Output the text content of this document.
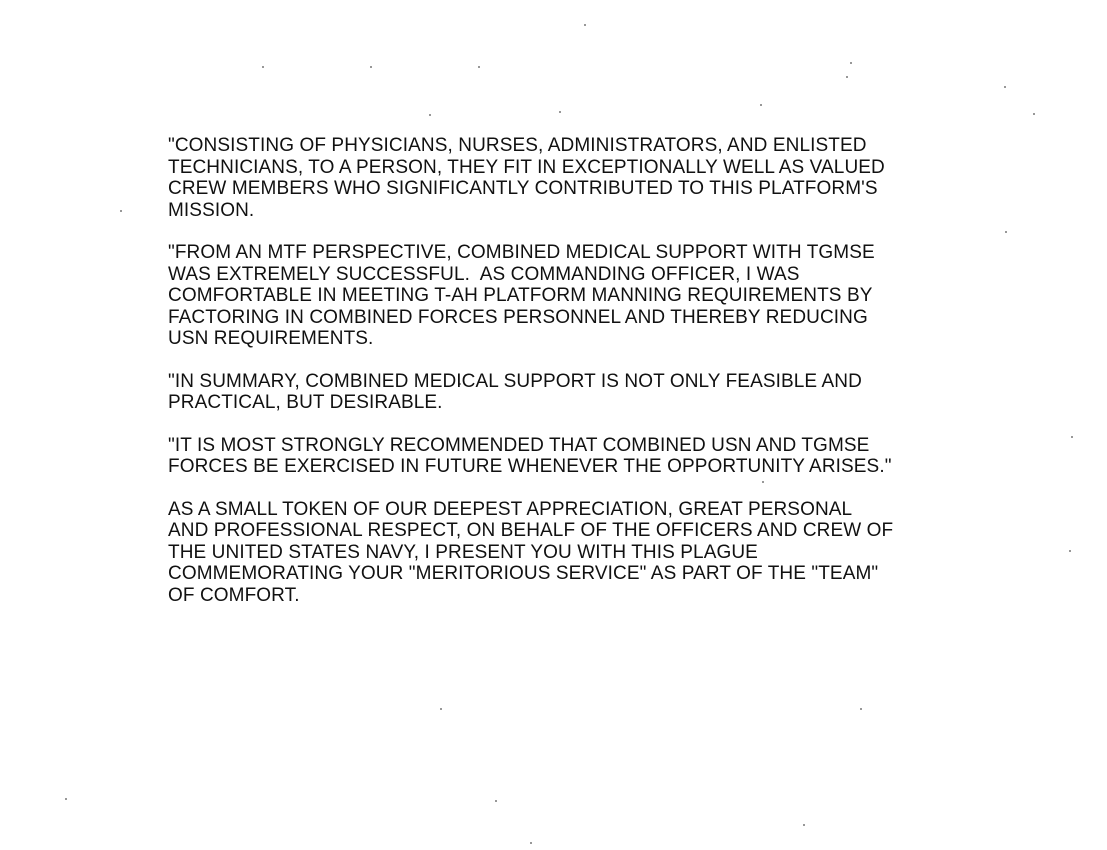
"CONSISTING OF PHYSICIANS, NURSES, ADMINISTRATORS, AND ENLISTED
TECHNICIANS, TO A PERSON, THEY FIT IN EXCEPTIONALLY WELL AS VALUED
CREW MEMBERS WHO SIGNIFICANTLY CONTRIBUTED TO THIS PLATFORM'S
MISSION.

"FROM AN MTF PERSPECTIVE, COMBINED MEDICAL SUPPORT WITH TGMSE
WAS EXTREMELY SUCCESSFUL.  AS COMMANDING OFFICER, I WAS
COMFORTABLE IN MEETING T-AH PLATFORM MANNING REQUIREMENTS BY
FACTORING IN COMBINED FORCES PERSONNEL AND THEREBY REDUCING
USN REQUIREMENTS.

"IN SUMMARY, COMBINED MEDICAL SUPPORT IS NOT ONLY FEASIBLE AND
PRACTICAL, BUT DESIRABLE.

"IT IS MOST STRONGLY RECOMMENDED THAT COMBINED USN AND TGMSE
FORCES BE EXERCISED IN FUTURE WHENEVER THE OPPORTUNITY ARISES."

AS A SMALL TOKEN OF OUR DEEPEST APPRECIATION, GREAT PERSONAL
AND PROFESSIONAL RESPECT, ON BEHALF OF THE OFFICERS AND CREW OF
THE UNITED STATES NAVY, I PRESENT YOU WITH THIS PLAGUE
COMMEMORATING YOUR "MERITORIOUS SERVICE" AS PART OF THE "TEAM"
OF COMFORT.
